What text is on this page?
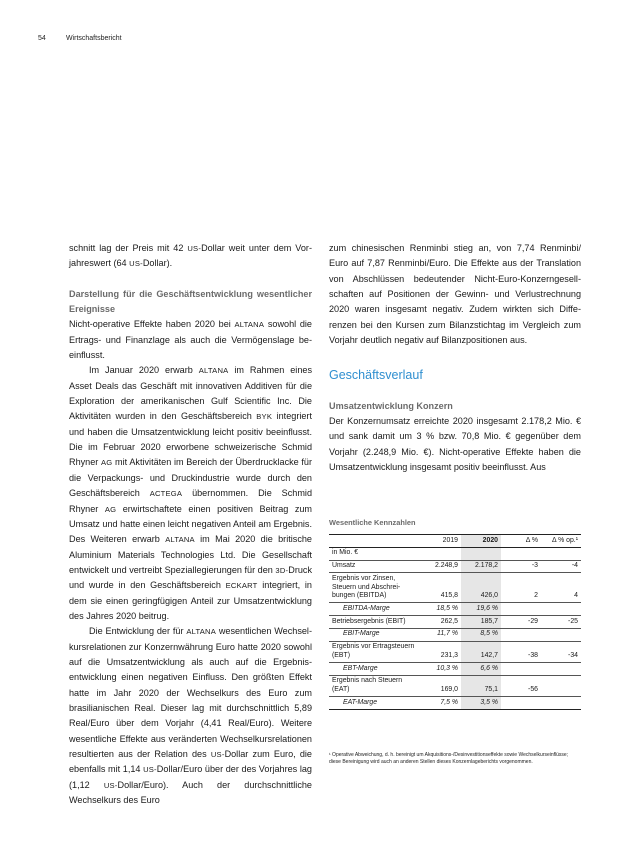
54	Wirtschaftsbericht

schnitt lag der Preis mit 42 US-Dollar weit unter dem Vorjahreswert (64 US-Dollar).

Darstellung für die Geschäftsentwicklung wesentlicher Ereignisse

Nicht-operative Effekte haben 2020 bei ALTANA sowohl die Ertrags- und Finanzlage als auch die Vermögenslage beeinflusst.

Im Januar 2020 erwarb ALTANA im Rahmen eines Asset Deals das Geschäft mit innovativen Additiven für die Exploration der amerikanischen Gulf Scientific Inc. Die Aktivitäten wurden in den Geschäftsbereich BYK integriert und haben die Umsatzentwicklung leicht positiv beeinflusst. Die im Februar 2020 erworbene schweizerische Schmid Rhyner AG mit Aktivitäten im Bereich der Überdrucklacke für die Verpackungs- und Druckindustrie wurde durch den Geschäftsbereich ACTEGA übernommen. Die Schmid Rhyner AG erwirtschaftete einen positiven Beitrag zum Umsatz und hatte einen leicht negativen Anteil am Ergebnis. Des Weiteren erwarb ALTANA im Mai 2020 die britische Aluminium Materials Technologies Ltd. Die Gesellschaft entwickelt und vertreibt Speziallegierungen für den 3D-Druck und wurde in den Geschäftsbereich ECKART integriert, in dem sie einen geringfügigen Anteil zur Umsatzentwicklung des Jahres 2020 beitrug.

Die Entwicklung der für ALTANA wesentlichen Wechselkursrelationen zur Konzernwährung Euro hatte 2020 sowohl auf die Umsatzentwicklung als auch auf die Ergebnisentwicklung einen negativen Einfluss. Den größten Effekt hatte im Jahr 2020 der Wechselkurs des Euro zum brasilianischen Real. Dieser lag mit durchschnittlich 5,89 Real/Euro über dem Vorjahr (4,41 Real/Euro). Weitere wesentliche Effekte aus veränderten Wechselkursrelationen resultierten aus der Relation des US-Dollar zum Euro, die ebenfalls mit 1,14 US-Dollar/Euro über der des Vorjahres lag (1,12 US-Dollar/Euro). Auch der durchschnittliche Wechselkurs des Euro

zum chinesischen Renminbi stieg an, von 7,74 Renminbi/ Euro auf 7,87 Renminbi/Euro. Die Effekte aus der Translation von Abschlüssen bedeutender Nicht-Euro-Konzerngesellschaften auf Positionen der Gewinn- und Verlustrechnung 2020 waren insgesamt negativ. Zudem wirkten sich Differenzen bei den Kursen zum Bilanzstichtag im Vergleich zum Vorjahr deutlich negativ auf Bilanzpositionen aus.

Geschäftsverlauf

Umsatzentwicklung Konzern

Der Konzernumsatz erreichte 2020 insgesamt 2.178,2 Mio. € und sank damit um 3 % bzw. 70,8 Mio. € gegenüber dem Vorjahr (2.248,9 Mio. €). Nicht-operative Effekte haben die Umsatzentwicklung insgesamt positiv beeinflusst. Aus

Wesentliche Kennzahlen
	2019	2020	Δ %	Δ % op.¹
in Mio. €				
Umsatz	2.248,9	2.178,2	-3	-4
Ergebnis vor Zinsen, Steuern und Abschreibungen (EBITDA)	415,8	426,0	2	4
EBITDA-Marge	18,5 %	19,6 %		
Betriebsergebnis (EBIT)	262,5	185,7	-29	-25
EBIT-Marge	11,7 %	8,5 %		
Ergebnis vor Ertragsteuern (EBT)	231,3	142,7	-38	-34
EBT-Marge	10,3 %	6,6 %		
Ergebnis nach Steuern (EAT)	169,0	75,1	-56	
EAT-Marge	7,5 %	3,5 %		
¹ Operative Abweichung, d. h. bereinigt um Akquisitions-/Desinvestitionseffekte sowie Wechselkurseinflüsse; diese Bereinigung wird auch an anderen Stellen dieses Konzernlageberichts vorgenommen.
